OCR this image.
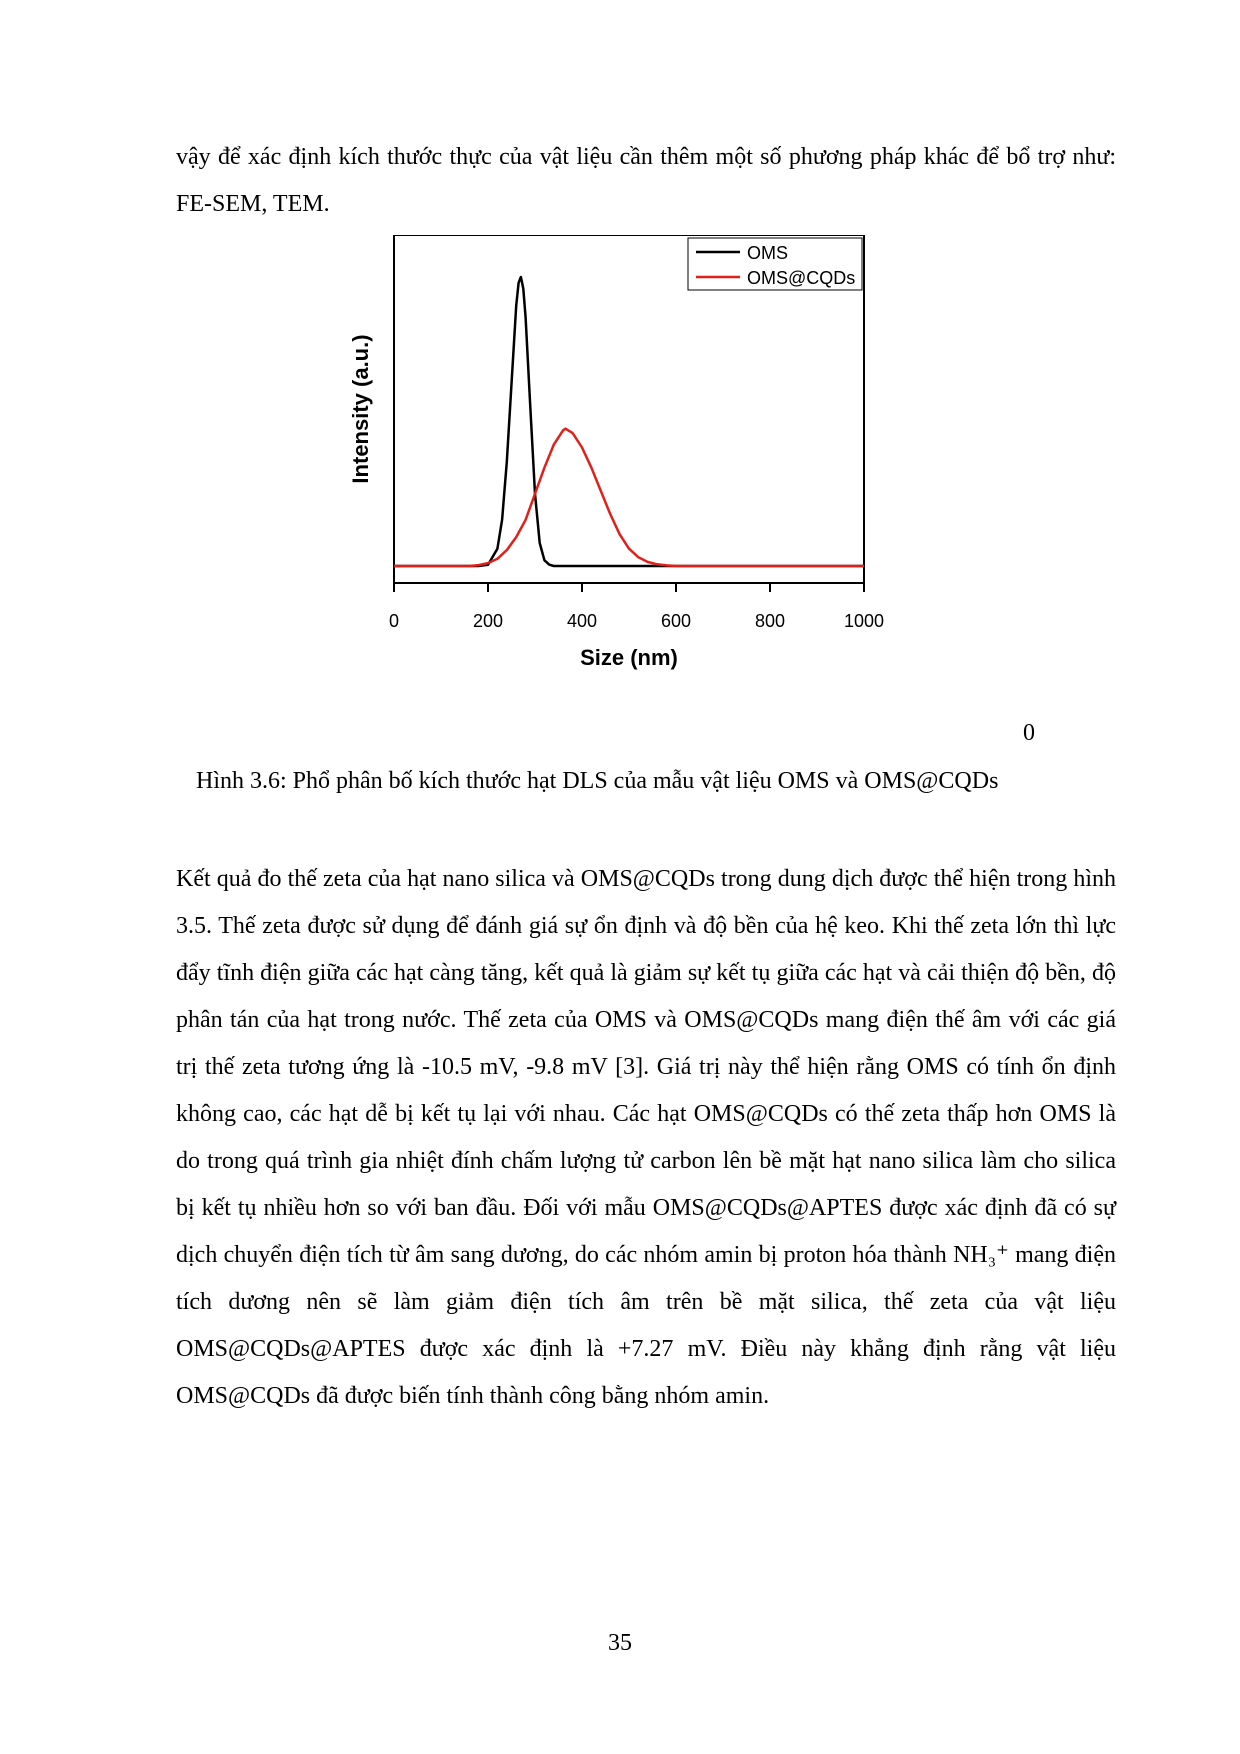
vậy để xác định kích thước thực của vật liệu cần thêm một số phương pháp khác để bổ trợ như: FE-SEM, TEM.

0	200	400	600	800	1000
Intensity (a.u.)
Size (nm)
OMS
OMS@CQDs
0
Hình 3.6: Phổ phân bố kích thước hạt DLS của mẫu vật liệu OMS và OMS@CQDs

Kết quả đo thế zeta của hạt nano silica và OMS@CQDs trong dung dịch được thể hiện trong hình 3.5. Thế zeta được sử dụng để đánh giá sự ổn định và độ bền của hệ keo. Khi thế zeta lớn thì lực đẩy tĩnh điện giữa các hạt càng tăng, kết quả là giảm sự kết tụ giữa các hạt và cải thiện độ bền, độ phân tán của hạt trong nước. Thế zeta của OMS và OMS@CQDs mang điện thế âm với các giá trị thế zeta tương ứng là -10.5 mV, -9.8 mV [3]. Giá trị này thể hiện rằng OMS có tính ổn định không cao, các hạt dễ bị kết tụ lại với nhau. Các hạt OMS@CQDs có thế zeta thấp hơn OMS là do trong quá trình gia nhiệt đính chấm lượng tử carbon lên bề mặt hạt nano silica làm cho silica bị kết tụ nhiều hơn so với ban đầu. Đối với mẫu OMS@CQDs@APTES được xác định đã có sự dịch chuyển điện tích từ âm sang dương, do các nhóm amin bị proton hóa thành NH₃⁺ mang điện tích dương nên sẽ làm giảm điện tích âm trên bề mặt silica, thế zeta của vật liệu OMS@CQDs@APTES được xác định là +7.27 mV. Điều này khẳng định rằng vật liệu OMS@CQDs đã được biến tính thành công bằng nhóm amin.

35
